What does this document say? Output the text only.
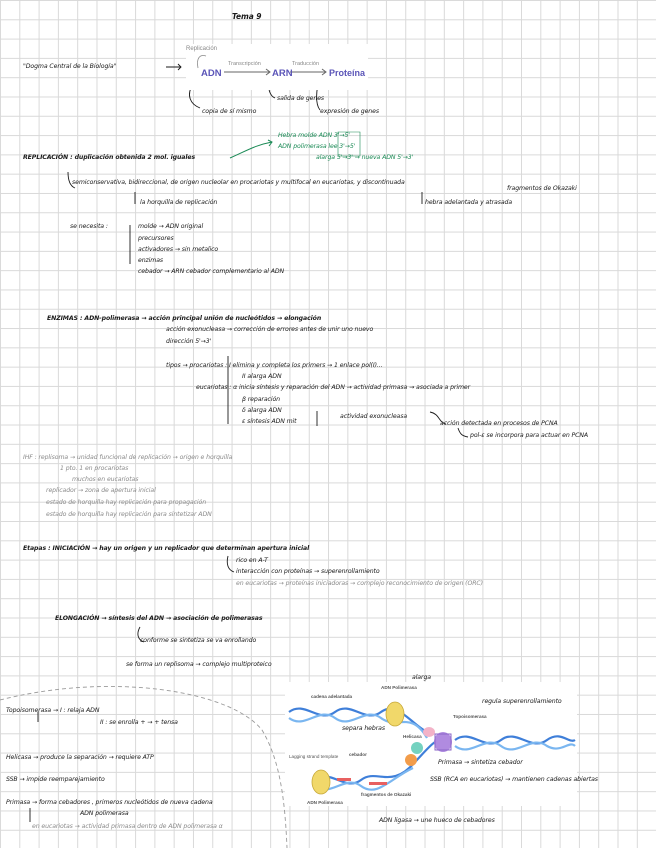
Tema 9
"Dogma Central de la Biología"
Replicación
ADN
Transcripción
ARN
Traducción
Proteína
copia de sí mismo
salida de genes
expresión de genes
Hebra molde ADN 3'→5'
ADN polimerasa lee 3'→5'
alarga 5'→3' → nueva ADN 5'→3'
REPLICACIÓN : duplicación obtenida 2 mol. iguales
semiconservativa, bidireccional, de origen nucleolar en procariotas y multifocal en eucariotas, y discontinuada
fragmentos de Okazaki
la horquilla de replicación	hebra adelantada y atrasada
se necesita :	molde → ADN original
precursores
activadores → sin metalico
enzimas
cebador → ARN cebador complementario al ADN
ENZIMAS : ADN-polimerasa → acción principal unión de nucleótidos → elongación
acción exonucleasa → corrección de errores antes de unir uno nuevo
dirección 5'→3'
tipos → procariotas : I elimina y completa los primers → 1 enlace pol(I)...
II alarga ADN
eucariotas : α inicia síntesis y reparación del ADN → actividad primasa → asociada a primer
β reparación
δ alarga ADN
ε síntesis ADN mit
actividad exonucleasa
acción detectada en procesos de PCNA
pol-ε se incorpora para actuar en PCNA
IHF : replisoma → unidad funcional de replicación → origen e horquilla
1 pto. 1 en procariotas
muchos en eucariotas
replicador → zona de apertura inicial
estado de horquilla hay replicación para propagación
estado de horquilla hay replicación para sintetizar ADN
Etapas : INICIACIÓN → hay un origen y un replicador que determinan apertura inicial
rico en A-T
interacción con proteínas → superenrollamiento
en eucariotas → proteínas iniciadoras → complejo reconocimiento de origen (ORC)
ELONGACIÓN → síntesis del ADN → asociación de polimerasas
conforme se sintetiza se va enrollando
se forma un replisoma → complejo multiproteico
Topoisomerasa → I : relaja ADN
II : se enrolla + → + tensa
Helicasa → produce la separación → requiere ATP
SSB → impide reemparejamiento
Primasa → forma cebadores , primeros nucleótidos de nueva cadena
ADN polimerasa
en eucariotas → actividad primasa dentro de ADN polimerasa α
ADN Polimerasa
cadena adelantada
Helicasa
Topoisomerasa
Lagging strand template cebador
fragmentos de Okazaki
ADN Polimerasa
alarga
regula superenrollamiento
separa hebras
Primasa → sintetiza cebador
SSB (RCA en eucariotas) → mantienen cadenas abiertas
ADN ligasa → une hueco de cebadores
